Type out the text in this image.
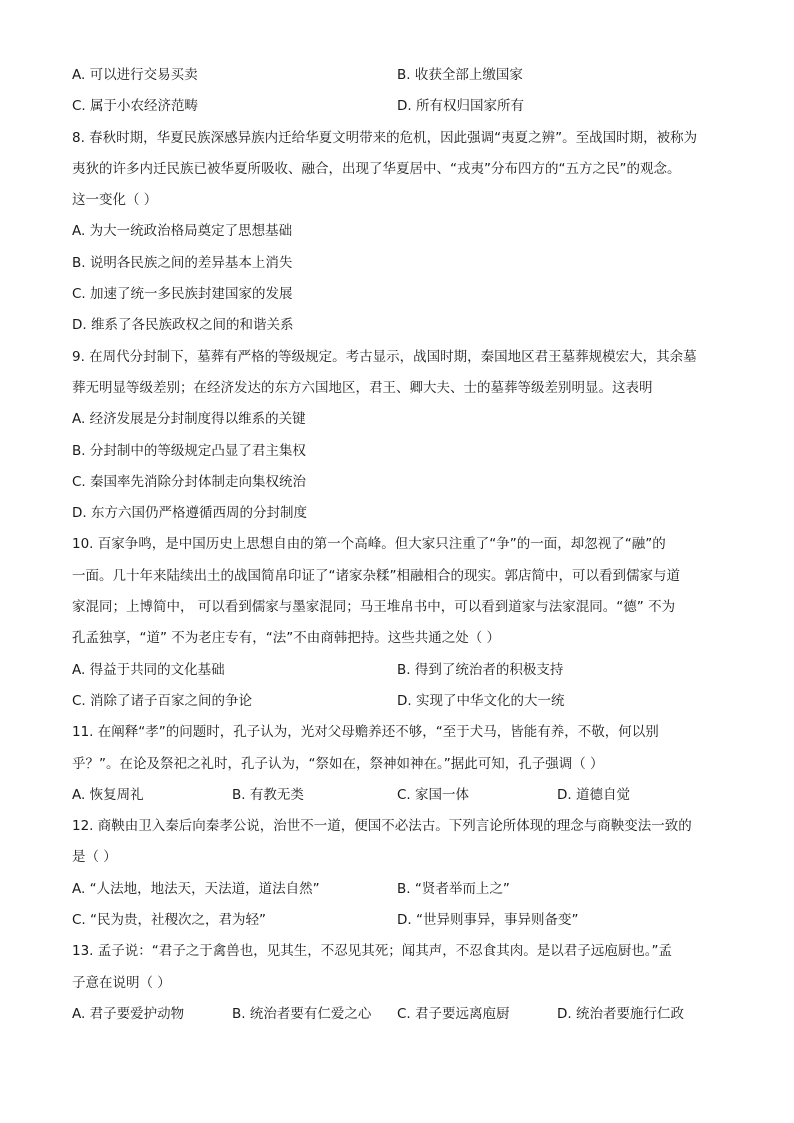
A. 可以进行交易买卖	B. 收获全部上缴国家
C. 属于小农经济范畴	D. 所有权归国家所有
8. 春秋时期，华夏民族深感异族内迁给华夏文明带来的危机，因此强调“夷夏之辨”。至战国时期，被称为
夷狄的许多内迁民族已被华夏所吸收、融合，出现了华夏居中、“戎夷”分布四方的“五方之民”的观念。
这一变化（ ）
A. 为大一统政治格局奠定了思想基础
B. 说明各民族之间的差异基本上消失
C. 加速了统一多民族封建国家的发展
D. 维系了各民族政权之间的和谐关系
9. 在周代分封制下，墓葬有严格的等级规定。考古显示，战国时期，秦国地区君王墓葬规模宏大，其余墓
葬无明显等级差别；在经济发达的东方六国地区，君王、卿大夫、士的墓葬等级差别明显。这表明
A. 经济发展是分封制度得以维系的关键
B. 分封制中的等级规定凸显了君主集权
C. 秦国率先消除分封体制走向集权统治
D. 东方六国仍严格遵循西周的分封制度
10. 百家争鸣，是中国历史上思想自由的第一个高峰。但大家只注重了“争”的一面，却忽视了“融”的
一面。几十年来陆续出土的战国简帛印证了“诸家杂糅”相融相合的现实。郭店简中，可以看到儒家与道
家混同；上博简中， 可以看到儒家与墨家混同；马王堆帛书中，可以看到道家与法家混同。“德” 不为
孔孟独享，“道” 不为老庄专有，“法”不由商韩把持。这些共通之处（ ）
A. 得益于共同的文化基础	B. 得到了统治者的积极支持
C. 消除了诸子百家之间的争论	D. 实现了中华文化的大一统
11. 在阐释“孝”的问题时，孔子认为，光对父母赡养还不够，“至于犬马，皆能有养，不敬，何以别
乎？”。在论及祭祀之礼时，孔子认为，“祭如在，祭神如神在。”据此可知，孔子强调（ ）
A. 恢复周礼	B. 有教无类	C. 家国一体	D. 道德自觉
12. 商鞅由卫入秦后向秦孝公说，治世不一道，便国不必法古。下列言论所体现的理念与商鞅变法一致的
是（ ）
A. “人法地，地法天，天法道，道法自然”	B. “贤者举而上之”
C. “民为贵，社稷次之，君为轻”	D. “世异则事异，事异则备变”
13. 孟子说：“君子之于禽兽也，见其生，不忍见其死；闻其声，不忍食其肉。是以君子远庖厨也。”孟
子意在说明（ ）
A. 君子要爱护动物	B. 统治者要有仁爱之心 C. 君子要远离庖厨	D. 统治者要施行仁政
